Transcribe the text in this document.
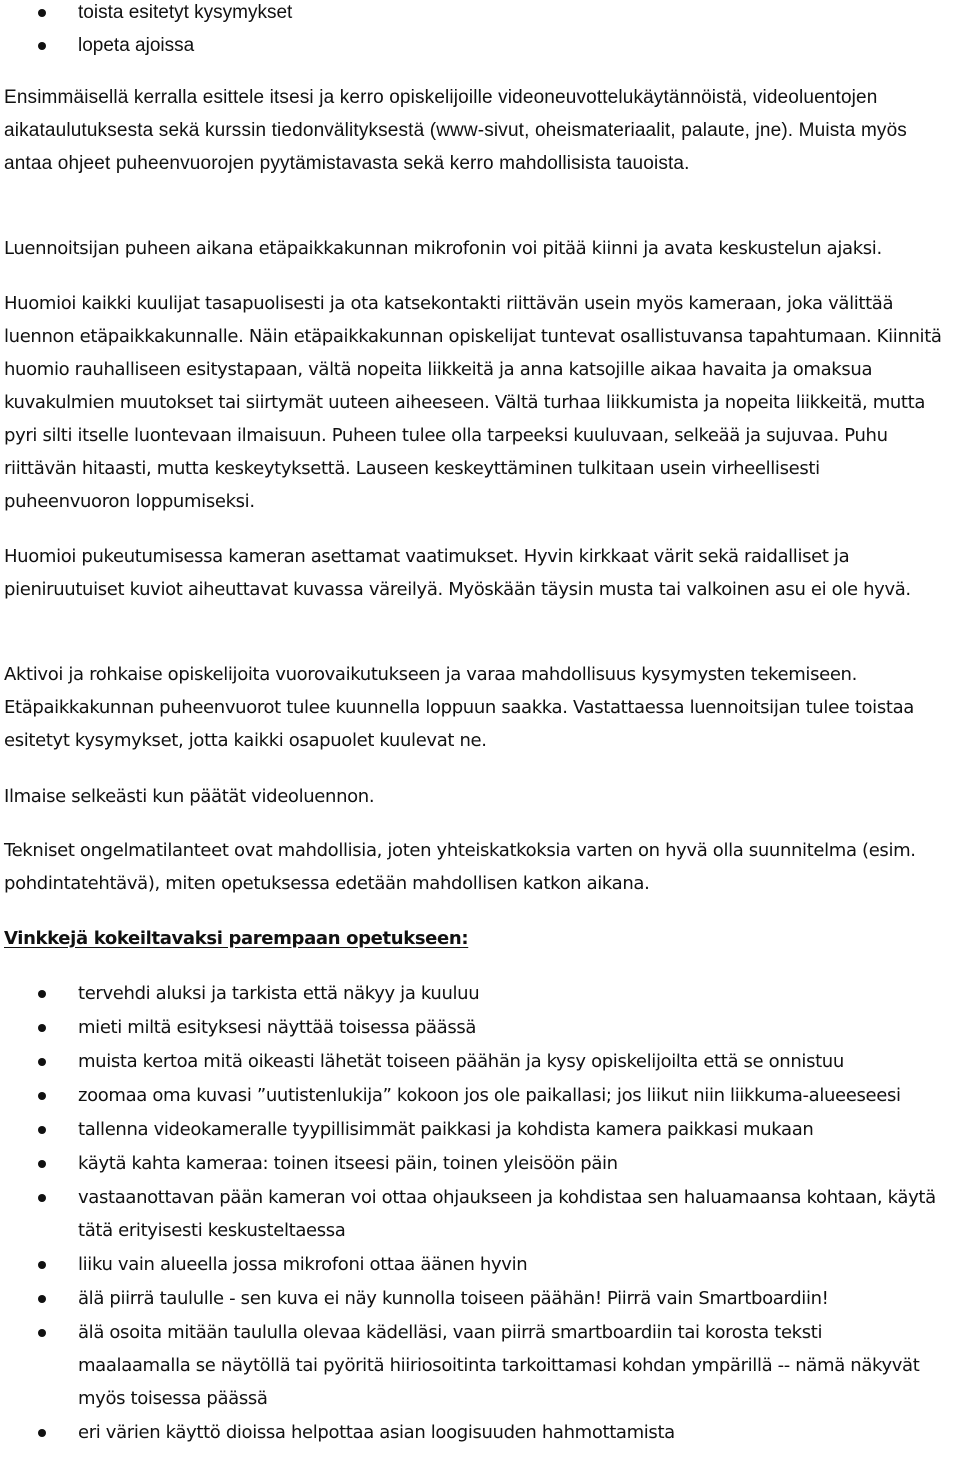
toista esitetyt kysymykset
lopeta ajoissa

Ensimmäisellä kerralla esittele itsesi ja kerro opiskelijoille videoneuvottelukäytännöistä, videoluentojen aikataulutuksesta sekä kurssin tiedonvälityksestä (www-sivut, oheismateriaalit, palaute, jne). Muista myös antaa ohjeet puheenvuorojen pyytämistavasta sekä kerro mahdollisista tauoista.

Luennoitsijan puheen aikana etäpaikkakunnan mikrofonin voi pitää kiinni ja avata keskustelun ajaksi.

Huomioi kaikki kuulijat tasapuolisesti ja ota katsekontakti riittävän usein myös kameraan, joka välittää luennon etäpaikkakunnalle. Näin etäpaikkakunnan opiskelijat tuntevat osallistuvansa tapahtumaan. Kiinnitä huomio rauhalliseen esitystapaan, vältä nopeita liikkeitä ja anna katsojille aikaa havaita ja omaksua kuvakulmien muutokset tai siirtymät uuteen aiheeseen. Vältä turhaa liikkumista ja nopeita liikkeitä, mutta pyri silti itselle luontevaan ilmaisuun. Puheen tulee olla tarpeeksi kuuluvaan, selkeää ja sujuvaa. Puhu riittävän hitaasti, mutta keskeytyksettä. Lauseen keskeyttäminen tulkitaan usein virheellisesti puheenvuoron loppumiseksi.

Huomioi pukeutumisessa kameran asettamat vaatimukset. Hyvin kirkkaat värit sekä raidalliset ja pieniruutuiset kuviot aiheuttavat kuvassa väreilyä. Myöskään täysin musta tai valkoinen asu ei ole hyvä.

Aktivoi ja rohkaise opiskelijoita vuorovaikutukseen ja varaa mahdollisuus kysymysten tekemiseen. Etäpaikkakunnan puheenvuorot tulee kuunnella loppuun saakka. Vastattaessa luennoitsijan tulee toistaa esitetyt kysymykset, jotta kaikki osapuolet kuulevat ne.

Ilmaise selkeästi kun päätät videoluennon.

Tekniset ongelmatilanteet ovat mahdollisia, joten yhteiskatkoksia varten on hyvä olla suunnitelma (esim. pohdintatehtävä), miten opetuksessa edetään mahdollisen katkon aikana.

Vinkkejä kokeiltavaksi parempaan opetukseen:

tervehdi aluksi ja tarkista että näkyy ja kuuluu
mieti miltä esityksesi näyttää toisessa päässä
muista kertoa mitä oikeasti lähetät toiseen päähän ja kysy opiskelijoilta että se onnistuu
zoomaa oma kuvasi ”uutistenlukija” kokoon jos ole paikallasi; jos liikut niin liikkuma-alueeseesi
tallenna videokameralle tyypillisimmät paikkasi ja kohdista kamera paikkasi mukaan
käytä kahta kameraa: toinen itseesi päin, toinen yleisöön päin
vastaanottavan pään kameran voi ottaa ohjaukseen ja kohdistaa sen haluamaansa kohtaan, käytä tätä erityisesti keskusteltaessa
liiku vain alueella jossa mikrofoni ottaa äänen hyvin
älä piirrä taululle - sen kuva ei näy kunnolla toiseen päähän! Piirrä vain Smartboardiin!
älä osoita mitään taululla olevaa kädelläsi, vaan piirrä smartboardiin tai korosta teksti maalaamalla se näytöllä tai pyöritä hiiriosoitinta tarkoittamasi kohdan ympärillä -- nämä näkyvät myös toisessa päässä
eri värien käyttö dioissa helpottaa asian loogisuuden hahmottamista
